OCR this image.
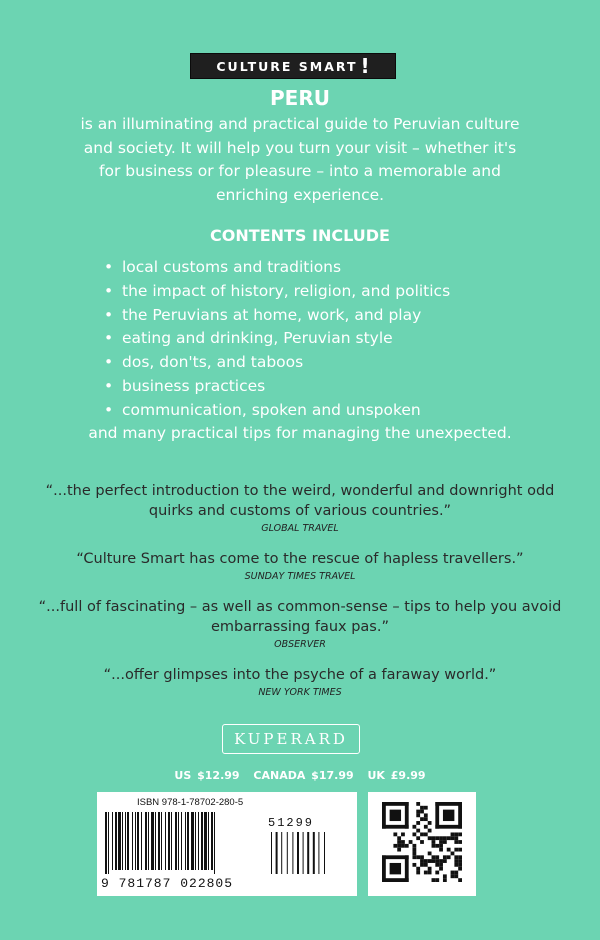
CULTURE SMART !
PERU
is an illuminating and practical guide to Peruvian culture and society. It will help you turn your visit – whether it's for business or for pleasure – into a memorable and enriching experience.
CONTENTS INCLUDE
• local customs and traditions
• the impact of history, religion, and politics
• the Peruvians at home, work, and play
• eating and drinking, Peruvian style
• dos, don'ts, and taboos
• business practices
• communication, spoken and unspoken
and many practical tips for managing the unexpected.
“...the perfect introduction to the weird, wonderful and downright odd quirks and customs of various countries.”
GLOBAL TRAVEL
“Culture Smart has come to the rescue of hapless travellers.”
SUNDAY TIMES TRAVEL
“...full of fascinating – as well as common-sense – tips to help you avoid embarrassing faux pas.”
OBSERVER
“...offer glimpses into the psyche of a faraway world.”
NEW YORK TIMES
KUPERARD
US $12.99 CANADA $17.99 UK £9.99
ISBN 978-1-78702-280-5
51299
9 781787 022805
